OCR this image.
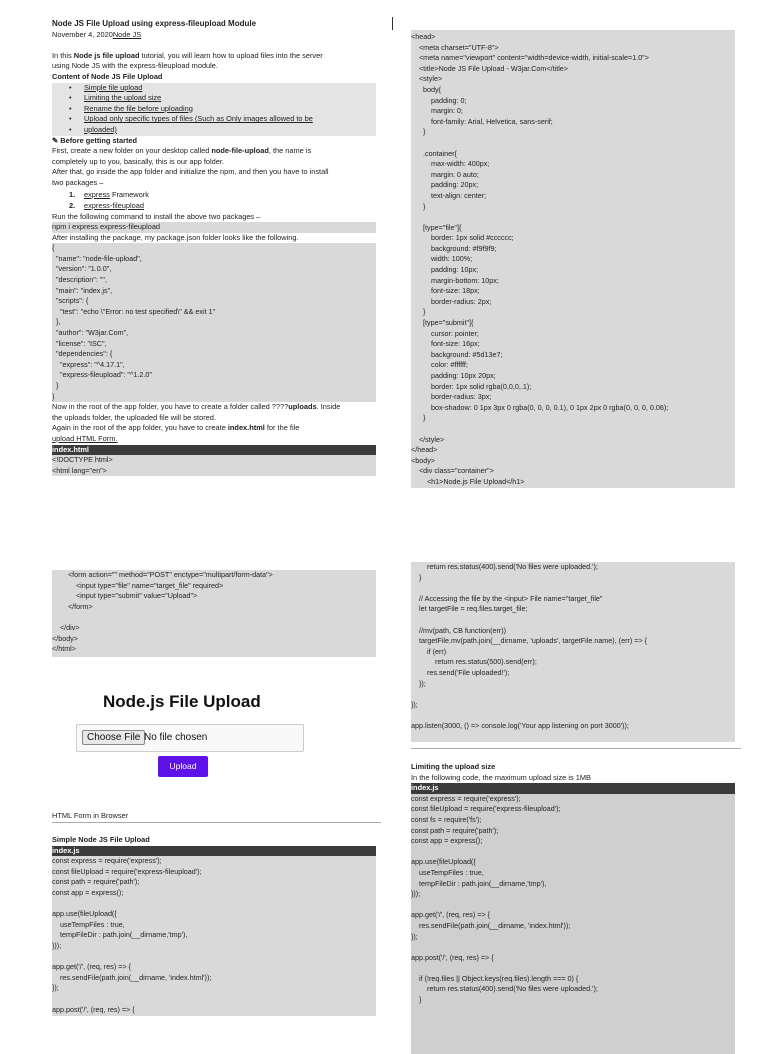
Node JS File Upload using express-fileupload Module
November 4, 2020Node JS
In this Node js file upload tutorial, you will learn how to upload files into the server
using Node JS with the express-fileupload module.
Content of Node JS File Upload
• Simple file upload
• Limiting the upload size
• Rename the file before uploading
• Upload only specific types of files (Such as Only images allowed to be
• uploaded)
✎ Before getting started
First, create a new folder on your desktop called node-file-upload, the name is
completely up to you, basically, this is our app folder.
After that, go inside the app folder and initialize the npm, and then you have to install
two packages –
1. express Framework
2. express-fileupload
Run the following command to install the above two packages –
npm i express express-fileupload
After installing the package, my package.json folder looks like the following.
{
"name": "node-file-upload",
"version": "1.0.0",
"description": "",
"main": "index.js",
"scripts": {
"test": "echo \"Error: no test specified\" && exit 1"
},
"author": "W3jar.Com",
"license": "ISC",
"dependencies": {
"express": "^4.17.1",
"express-fileupload": "^1.2.0"
}
}
Now in the root of the app folder, you have to create a folder called ????uploads. Inside
the uploads folder, the uploaded file will be stored.
Again in the root of the app folder, you have to create index.html for the file
upload HTML Form.
index.html
<!DOCTYPE html>
<html lang="en">
<head>
<meta charset="UTF-8">
<meta name="viewport" content="width=device-width, initial-scale=1.0">
<title>Node JS File Upload - W3jar.Com</title>
<style>
body{
padding: 0;
margin: 0;
font-family: Arial, Helvetica, sans-serif;
}

.container{
max-width: 400px;
margin: 0 auto;
padding: 20px;
text-align: center;
}

[type="file"]{
border: 1px solid #cccccc;
background: #f9f9f9;
width: 100%;
padding: 10px;
margin-bottom: 10px;
font-size: 18px;
border-radius: 2px;
}
[type="submit"]{
cursor: pointer;
font-size: 16px;
background: #5d13e7;
color: #ffffff;
padding: 10px 20px;
border: 1px solid rgba(0,0,0,.1);
border-radius: 3px;
box-shadow: 0 1px 3px 0 rgba(0, 0, 0, 0.1), 0 1px 2px 0 rgba(0, 0, 0, 0.06);
}

</style>
</head>
<body>
<div class="container">
<h1>Node.js File Upload</h1>
<form action="" method="POST" enctype="multipart/form-data">
<input type="file" name="target_file" required>
<input type="submit" value="Upload">
</form>

</div>
</body>
</html>
Node.js File Upload
Choose File No file chosen
Upload
HTML Form in Browser
Simple Node JS File Upload
index.js
const express = require('express');
const fileUpload = require('express-fileupload');
const path = require('path');
const app = express();

app.use(fileUpload({
useTempFiles : true,
tempFileDir : path.join(__dirname,'tmp'),
}));

app.get('/', (req, res) => {
res.sendFile(path.join(__dirname, 'index.html'));
});

app.post('/', (req, res) => {
return res.status(400).send('No files were uploaded.');
}

// Accessing the file by the <input> File name="target_file"
let targetFile = req.files.target_file;

//mv(path, CB function(err))
targetFile.mv(path.join(__dirname, 'uploads', targetFile.name), (err) => {
if (err)
return res.status(500).send(err);
res.send('File uploaded!');
});

});

app.listen(3000, () => console.log('Your app listening on port 3000'));
Limiting the upload size
In the following code, the maximum upload size is 1MB
index.js
const express = require('express');
const fileUpload = require('express-fileupload');
const fs = require('fs');
const path = require('path');
const app = express();

app.use(fileUpload({
useTempFiles : true,
tempFileDir : path.join(__dirname,'tmp'),
}));

app.get('/', (req, res) => {
res.sendFile(path.join(__dirname, 'index.html'));
});

app.post('/', (req, res) => {

if (!req.files || Object.keys(req.files).length === 0) {
return res.status(400).send('No files were uploaded.');
}
